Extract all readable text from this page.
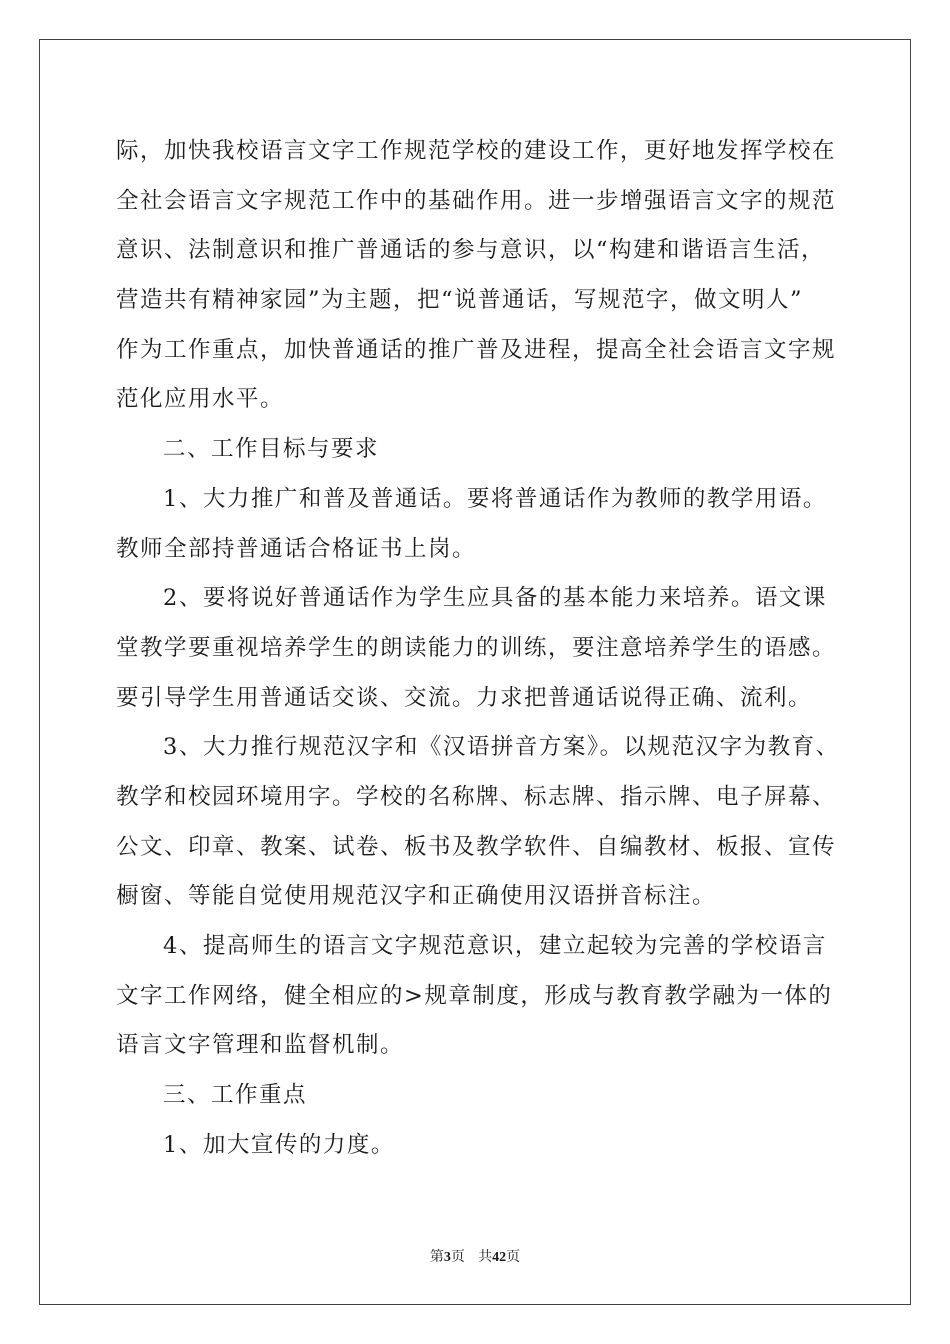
际，加快我校语言文字工作规范学校的建设工作，更好地发挥学校在
全社会语言文字规范工作中的基础作用。进一步增强语言文字的规范
意识、法制意识和推广普通话的参与意识，以“构建和谐语言生活，
营造共有精神家园”为主题，把“说普通话，写规范字，做文明人”
作为工作重点，加快普通话的推广普及进程，提高全社会语言文字规
范化应用水平。
二、工作目标与要求
1、大力推广和普及普通话。要将普通话作为教师的教学用语。
教师全部持普通话合格证书上岗。
2、要将说好普通话作为学生应具备的基本能力来培养。语文课
堂教学要重视培养学生的朗读能力的训练，要注意培养学生的语感。
要引导学生用普通话交谈、交流。力求把普通话说得正确、流利。
3、大力推行规范汉字和《汉语拼音方案》。以规范汉字为教育、
教学和校园环境用字。学校的名称牌、标志牌、指示牌、电子屏幕、
公文、印章、教案、试卷、板书及教学软件、自编教材、板报、宣传
橱窗、等能自觉使用规范汉字和正确使用汉语拼音标注。
4、提高师生的语言文字规范意识，建立起较为完善的学校语言
文字工作网络，健全相应的>规章制度，形成与教育教学融为一体的
语言文字管理和监督机制。
三、工作重点
1、加大宣传的力度。
第3页 共42页
